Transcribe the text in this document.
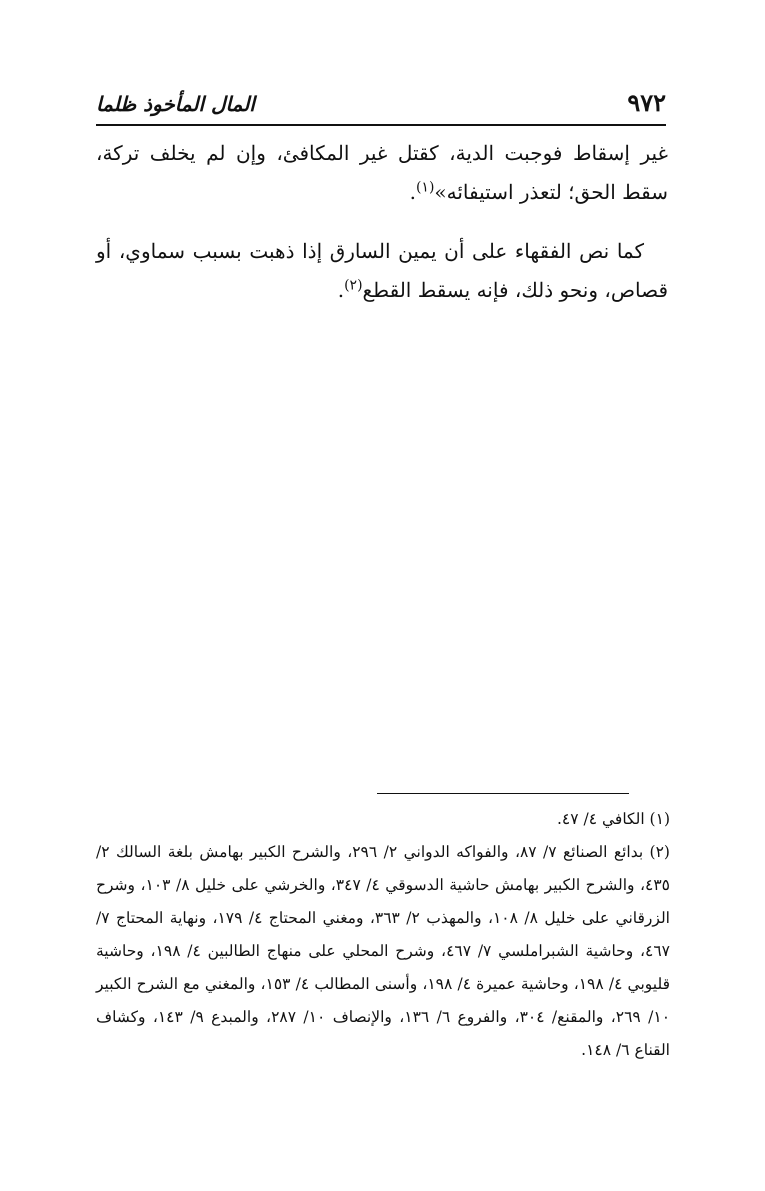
٩٧٢
المال المأخوذ ظلما

غير إسقاط فوجبت الدية، كقتل غير المكافئ، وإن لم يخلف تركة، سقط الحق؛ لتعذر استيفائه»$^{(١)}$.

كما نص الفقهاء على أن يمين السارق إذا ذهبت بسبب سماوي، أو قصاص، ونحو ذلك، فإنه يسقط القطع$^{(٢)}$.

(١) الكافي ٤/ ٤٧.

(٢) بدائع الصنائع ٧/ ٨٧، والفواكه الدواني ٢/ ٢٩٦، والشرح الكبير بهامش بلغة السالك ٢/ ٤٣٥، والشرح الكبير بهامش حاشية الدسوقي ٤/ ٣٤٧، والخرشي على خليل ٨/ ١٠٣، وشرح الزرقاني على خليل ٨/ ١٠٨، والمهذب ٢/ ٣٦٣، ومغني المحتاج ٤/ ١٧٩، ونهاية المحتاج ٧/ ٤٦٧، وحاشية الشبراملسي ٧/ ٤٦٧، وشرح المحلي على منهاج الطالبين ٤/ ١٩٨، وحاشية قليوبي ٤/ ١٩٨، وحاشية عميرة ٤/ ١٩٨، وأسنى المطالب ٤/ ١٥٣، والمغني مع الشرح الكبير ١٠/ ٢٦٩، والمقنع/ ٣٠٤، والفروع ٦/ ١٣٦، والإنصاف ١٠/ ٢٨٧، والمبدع ٩/ ١٤٣، وكشاف القناع ٦/ ١٤٨.
